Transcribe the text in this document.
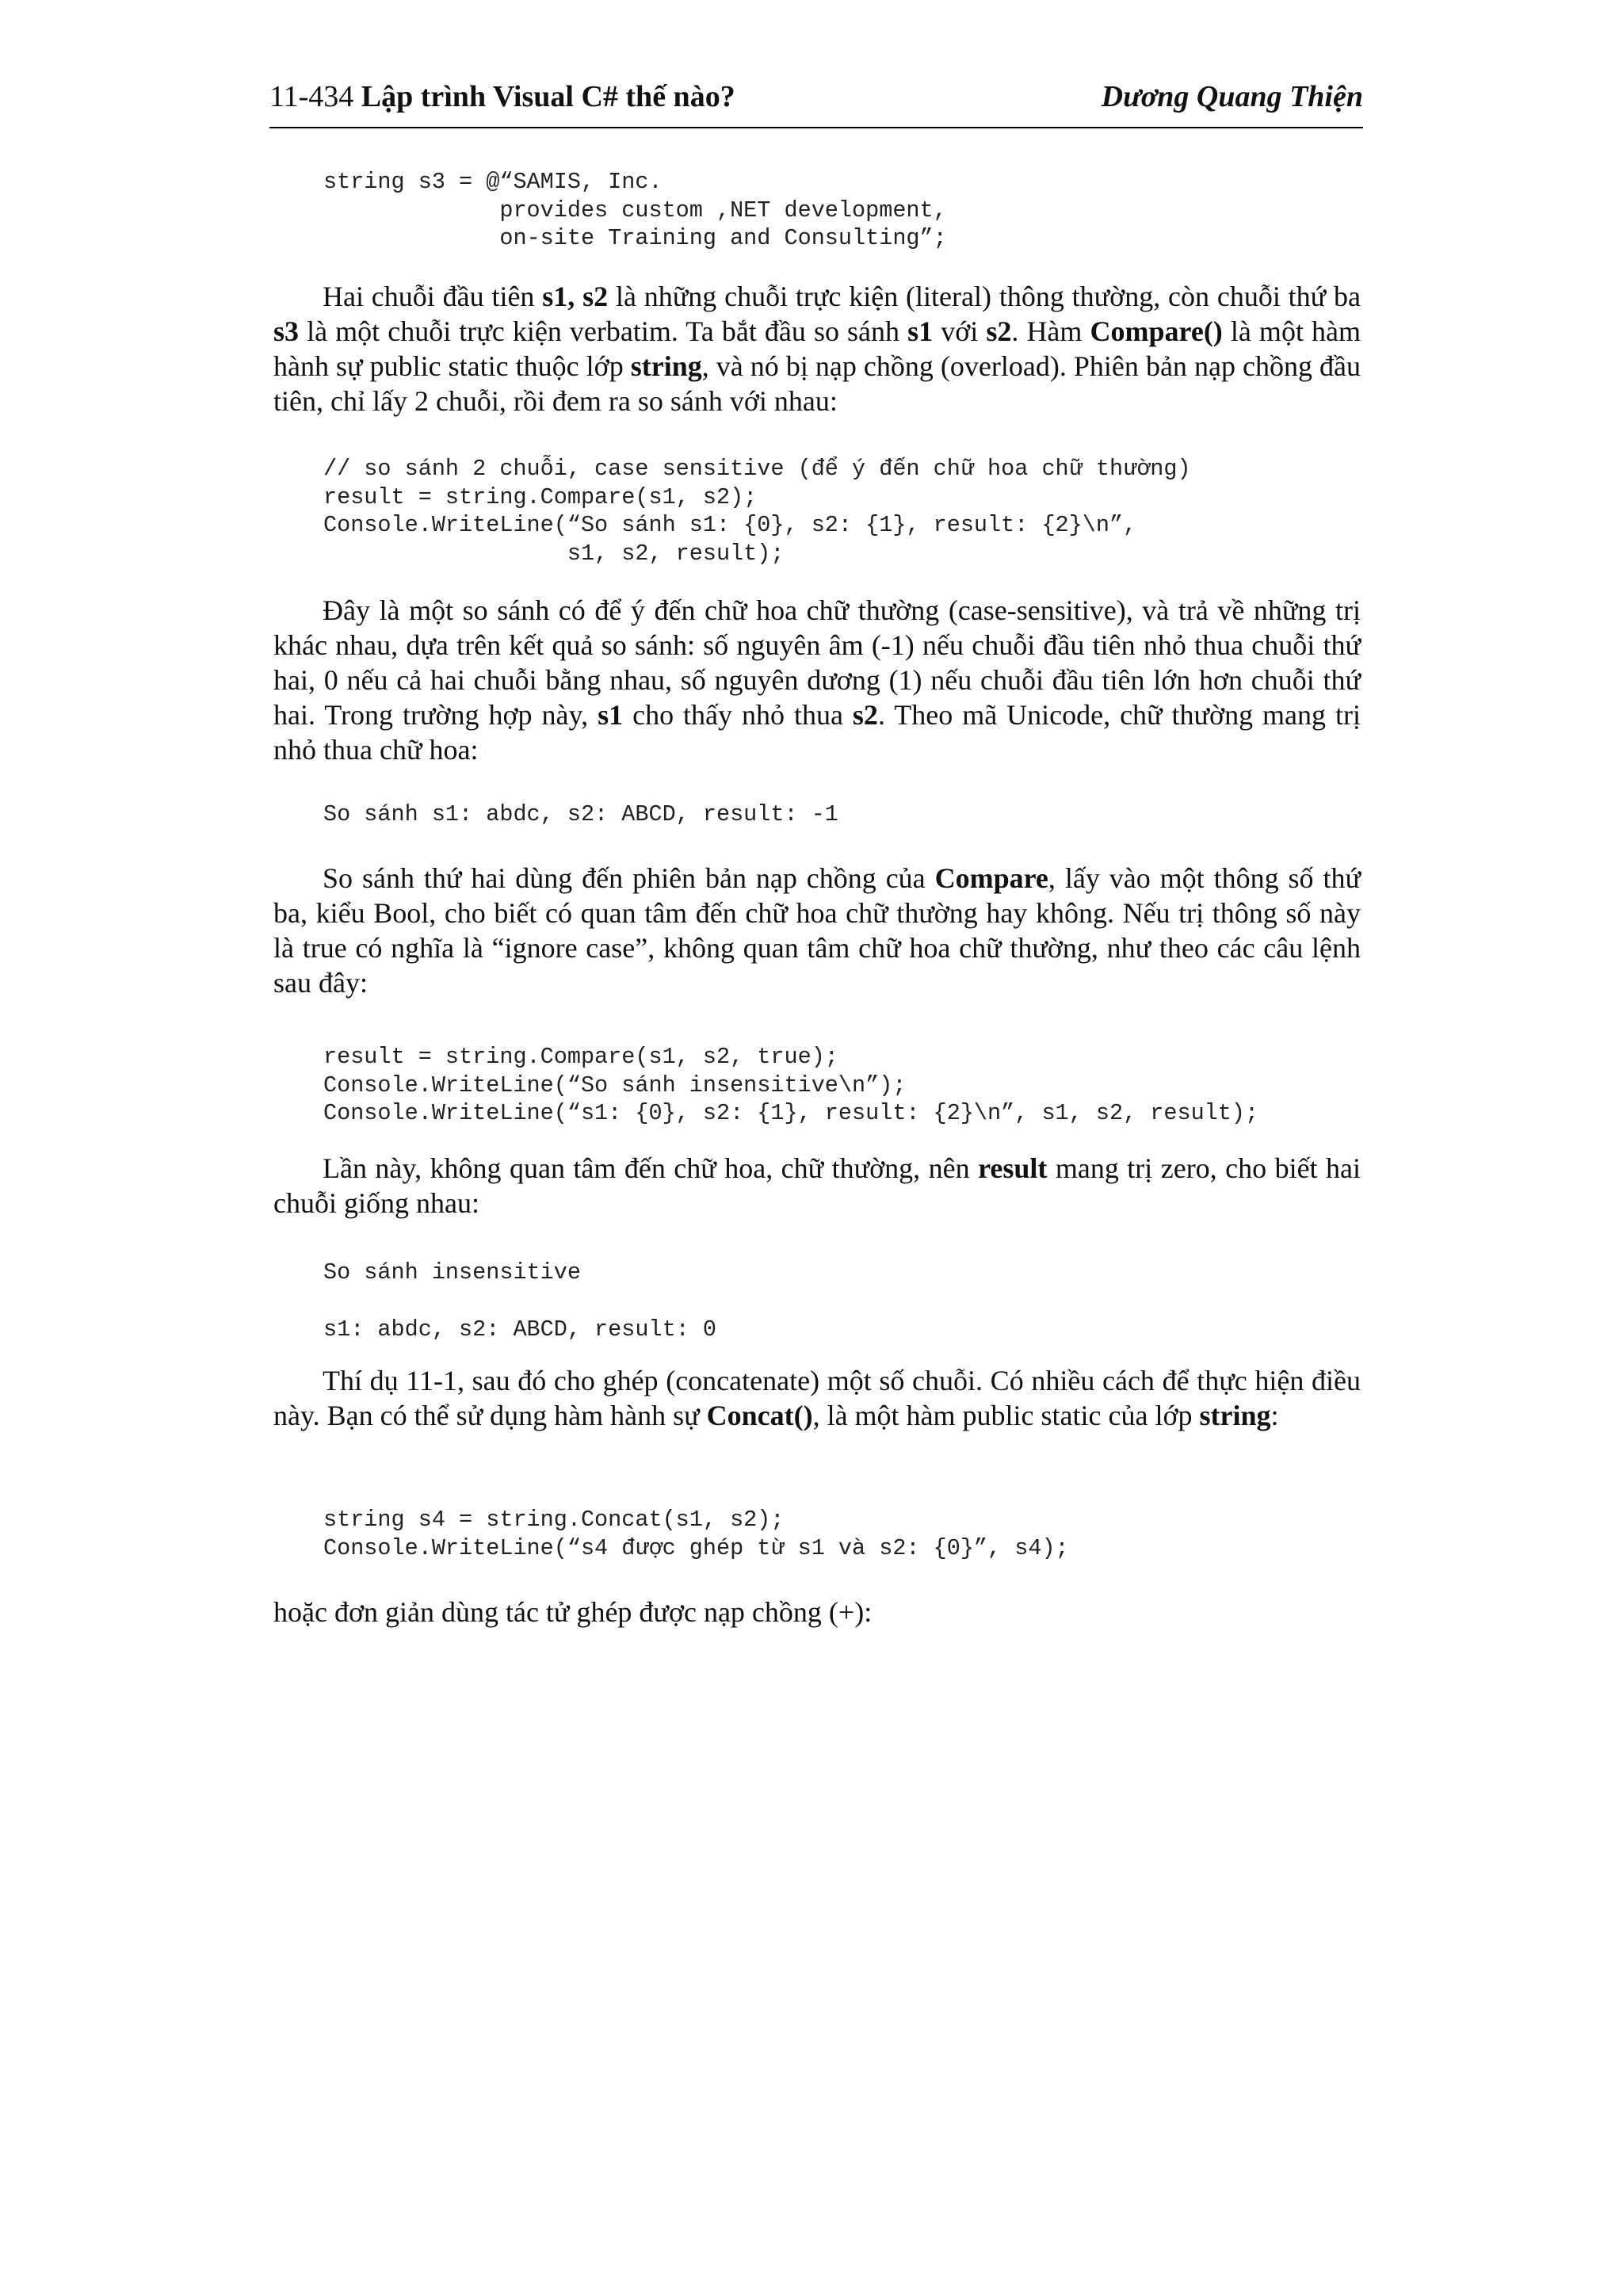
11-434 Lập trình Visual C# thế nào?	Dương Quang Thiện
string s3 = @“SAMIS, Inc.
provides custom ,NET development,
on-site Training and Consulting”;

Hai chuỗi đầu tiên s1, s2 là những chuỗi trực kiện (literal) thông thường, còn chuỗi thứ ba s3 là một chuỗi trực kiện verbatim. Ta bắt đầu so sánh s1 với s2. Hàm Compare() là một hàm hành sự public static thuộc lớp string, và nó bị nạp chồng (overload). Phiên bản nạp chồng đầu tiên, chỉ lấy 2 chuỗi, rồi đem ra so sánh với nhau:

// so sánh 2 chuỗi, case sensitive (để ý đến chữ hoa chữ thường)
result = string.Compare(s1, s2);
Console.WriteLine(“So sánh s1: {0}, s2: {1}, result: {2}\n”,
s1, s2, result);

Đây là một so sánh có để ý đến chữ hoa chữ thường (case-sensitive), và trả về những trị khác nhau, dựa trên kết quả so sánh: số nguyên âm (-1) nếu chuỗi đầu tiên nhỏ thua chuỗi thứ hai, 0 nếu cả hai chuỗi bằng nhau, số nguyên dương (1) nếu chuỗi đầu tiên lớn hơn chuỗi thứ hai. Trong trường hợp này, s1 cho thấy nhỏ thua s2. Theo mã Unicode, chữ thường mang trị nhỏ thua chữ hoa:

So sánh s1: abdc, s2: ABCD, result: -1

So sánh thứ hai dùng đến phiên bản nạp chồng của Compare, lấy vào một thông số thứ ba, kiểu Bool, cho biết có quan tâm đến chữ hoa chữ thường hay không. Nếu trị thông số này là true có nghĩa là “ignore case”, không quan tâm chữ hoa chữ thường, như theo các câu lệnh sau đây:

result = string.Compare(s1, s2, true);
Console.WriteLine(“So sánh insensitive\n”);
Console.WriteLine(“s1: {0}, s2: {1}, result: {2}\n”, s1, s2, result);

Lần này, không quan tâm đến chữ hoa, chữ thường, nên result mang trị zero, cho biết hai chuỗi giống nhau:

So sánh insensitive
s1: abdc, s2: ABCD, result: 0

Thí dụ 11-1, sau đó cho ghép (concatenate) một số chuỗi. Có nhiều cách để thực hiện điều này. Bạn có thể sử dụng hàm hành sự Concat(), là một hàm public static của lớp string:

string s4 = string.Concat(s1, s2);
Console.WriteLine(“s4 được ghép từ s1 và s2: {0}”, s4);

hoặc đơn giản dùng tác tử ghép được nạp chồng (+):
